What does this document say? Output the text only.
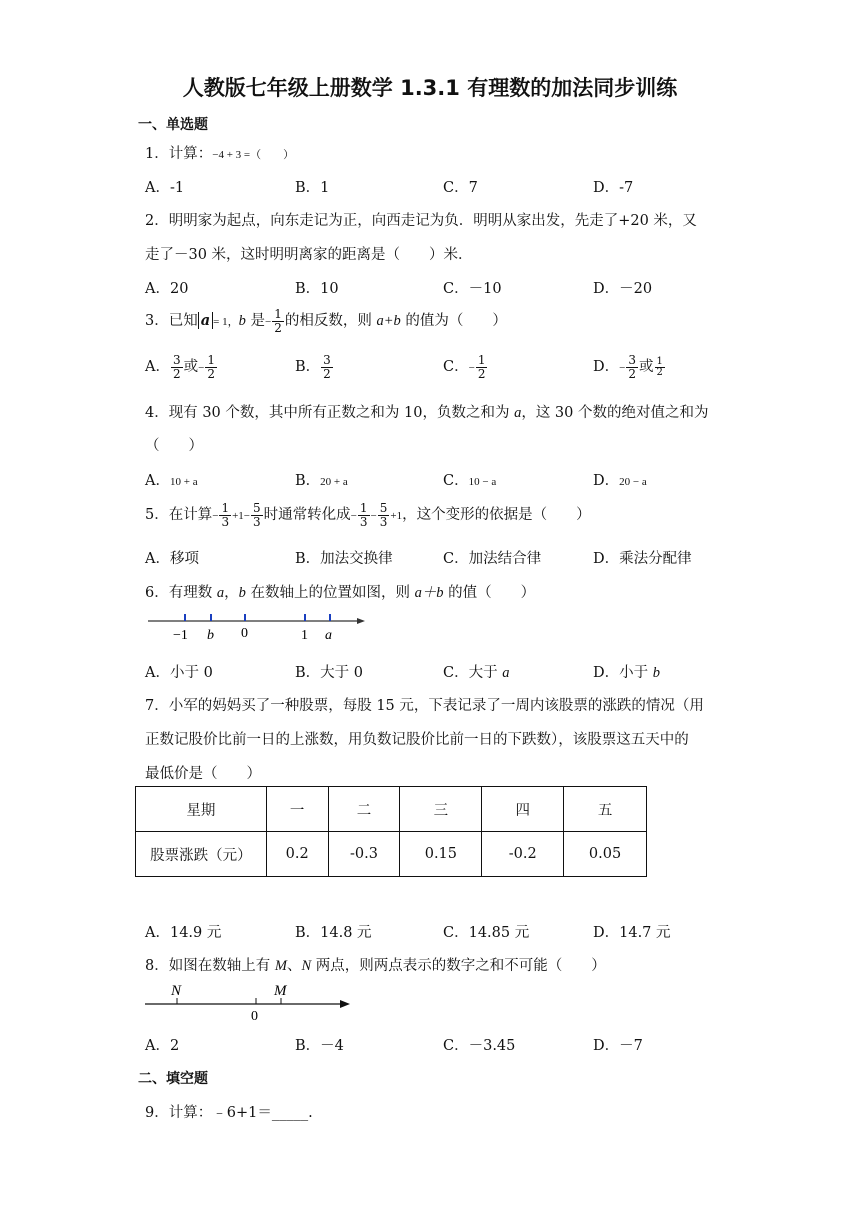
人教版七年级上册数学 1.3.1 有理数的加法同步训练
一、单选题
1．计算：−4 + 3 =（　　）
A．-1	B．1	C．7	D．-7
2．明明家为起点，向东走记为正，向西走记为负．明明从家出发，先走了+20 米，又
走了－30 米，这时明明离家的距离是（　　）米．
A．20	B．10	C．－10	D．－20
3．已知 a = 1，b 是− $\frac{1}{2}$ 的相反数，则 a+b 的值为（　　）
A． $\frac{3}{2}$ 或− $\frac{1}{2}$	B． $\frac{3}{2}$	C．− $\frac{1}{2}$	D．− $\frac{3}{2}$ 或 $\frac{1}{2}$
4．现有 30 个数，其中所有正数之和为 10，负数之和为 a，这 30 个数的绝对值之和为
（　　）
A．10 + a	B．20 + a	C．10 − a	D．20 − a
5．在计算− $\frac{1}{3} +1- \frac{5}{3}$ 时通常转化成− $\frac{1}{3} - \frac{5}{3} +1$，这个变形的依据是（　　）
A．移项	B．加法交换律	C．加法结合律	D．乘法分配律
6．有理数 a，b 在数轴上的位置如图，则 a＋b 的值（　　）
−1 b 0	1 a
A．小于 0	B．大于 0	C．大于 a	D．小于 b
7．小军的妈妈买了一种股票，每股 15 元，下表记录了一周内该股票的涨跌的情况（用
正数记股价比前一日的上涨数，用负数记股价比前一日的下跌数），该股票这五天中的
最低价是（　　）
星期	一	二	三	四	五
股票涨跌（元）	0.2	-0.3	0.15	-0.2	0.05
A．14.9 元	B．14.8 元	C．14.85 元	D．14.7 元
8．如图在数轴上有 M、N 两点，则两点表示的数字之和不可能（　　）
N	M
0
A．2	B．－4	C．－3.45	D．－7
二、填空题
9．计算：﹣6+1＝_____.
